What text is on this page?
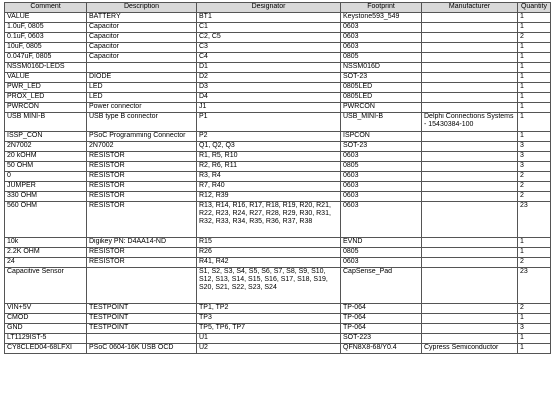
Comment	Description	Designator	Footprint	Manufacturer	Quantity
VALUE	BATTERY	BT1	Keystone593_549		1
1.0uF, 0805	Capacitor	C1	0603		1
0.1uF, 0603	Capacitor	C2, C5	0603		2
10uF, 0805	Capacitor	C3	0603		1
0.047uF, 0805	Capacitor	C4	0805		1
NSSM016D-LEDS		D1	NSSM016D		1
VALUE	DIODE	D2	SOT-23		1
PWR_LED	LED	D3	0805LED		1
PROX_LED	LED	D4	0805LED		1
PWRCON	Power connector	J1	PWRCON		1
USB MINI-B	USB type B connector	P1	USB_MINI-B	Delphi Connections Systems - 15430384-100	1
ISSP_CON	PSoC Programming Connector	P2	ISPCON		1
2N7002	2N7002	Q1, Q2, Q3	SOT-23		3
20 kOHM	RESISTOR	R1, R5, R10	0603		3
50 OHM	RESISTOR	R2, R6, R11	0805		3
0	RESISTOR	R3, R4	0603		2
JUMPER	RESISTOR	R7, R40	0603		2
330 OHM	RESISTOR	R12, R39	0603		2
560 OHM	RESISTOR	R13, R14, R16, R17, R18, R19, R20, R21, R22, R23, R24, R27, R28, R29, R30, R31, R32, R33, R34, R35, R36, R37, R38	0603		23
10k	Digikey PN: D4AA14-ND	R15	EVND		1
2.2K OHM	RESISTOR	R26	0805		1
24	RESISTOR	R41, R42	0603		2
Capacitive Sensor		S1, S2, S3, S4, S5, S6, S7, S8, S9, S10, S12, S13, S14, S15, S16, S17, S18, S19, S20, S21, S22, S23, S24	CapSense_Pad		23
VIN+5V	TESTPOINT	TP1, TP2	TP-064		2
CMOD	TESTPOINT	TP3	TP-064		1
GND	TESTPOINT	TP5, TP6, TP7	TP-064		3
LT1129IST-5		U1	SOT-223		1
CY8CLED04-68LFXI	PSoC 0604-16K USB OCD	U2	QFN8X8-68/Y0.4	Cypress Semiconductor	1
